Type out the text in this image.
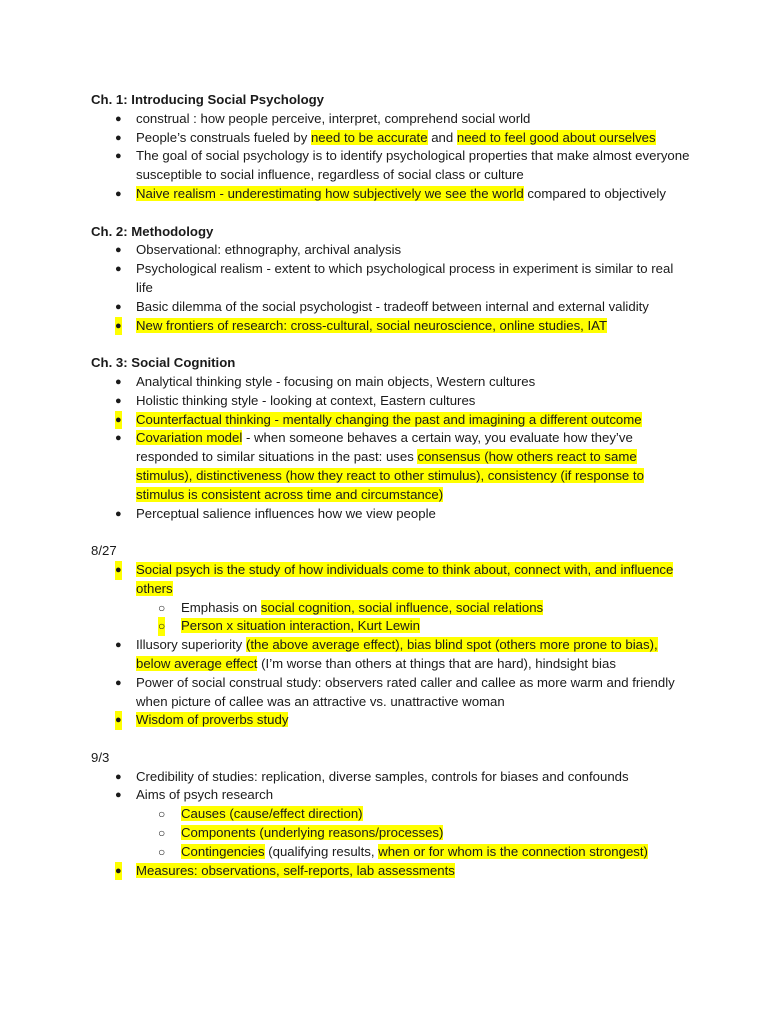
Ch. 1: Introducing Social Psychology
● construal : how people perceive, interpret, comprehend social world
● People’s construals fueled by need to be accurate and need to feel good about ourselves
● The goal of social psychology is to identify psychological properties that make almost everyone susceptible to social influence, regardless of social class or culture
● Naive realism - underestimating how subjectively we see the world compared to objectively
Ch. 2: Methodology
● Observational: ethnography, archival analysis
● Psychological realism - extent to which psychological process in experiment is similar to real life
● Basic dilemma of the social psychologist - tradeoff between internal and external validity
● New frontiers of research: cross-cultural, social neuroscience, online studies, IAT
Ch. 3: Social Cognition
● Analytical thinking style - focusing on main objects, Western cultures
● Holistic thinking style - looking at context, Eastern cultures
● Counterfactual thinking - mentally changing the past and imagining a different outcome
● Covariation model - when someone behaves a certain way, you evaluate how they’ve responded to similar situations in the past: uses consensus (how others react to same stimulus), distinctiveness (how they react to other stimulus), consistency (if response to stimulus is consistent across time and circumstance)
● Perceptual salience influences how we view people
8/27
● Social psych is the study of how individuals come to think about, connect with, and influence others
○ Emphasis on social cognition, social influence, social relations
○ Person x situation interaction, Kurt Lewin
● Illusory superiority (the above average effect), bias blind spot (others more prone to bias), below average effect (I’m worse than others at things that are hard), hindsight bias
● Power of social construal study: observers rated caller and callee as more warm and friendly when picture of callee was an attractive vs. unattractive woman
● Wisdom of proverbs study
9/3
● Credibility of studies: replication, diverse samples, controls for biases and confounds
● Aims of psych research
○ Causes (cause/effect direction)
○ Components (underlying reasons/processes)
○ Contingencies (qualifying results, when or for whom is the connection strongest)
● Measures: observations, self-reports, lab assessments
